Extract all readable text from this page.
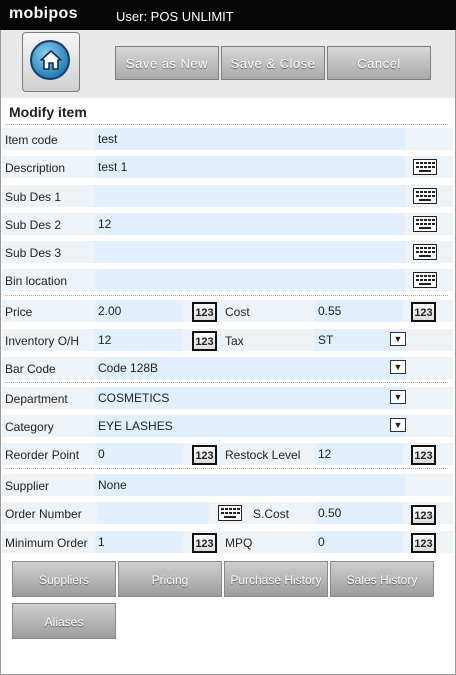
mobipos	User: POS UNLIMIT
Save as New	Save & Close	Cancel
Modify item
Item code	test
Description	test 1
Sub Des 1
Sub Des 2	12
Sub Des 3
Bin location
Price	2.00	123 Cost	0.55	123
Inventory O/H 12	123 Tax	ST	▼
Bar Code	Code 128B	▼
Department	COSMETICS	▼
Category	EYE LASHES	▼
Reorder Point 0	123 Restock Level 12	123
Supplier	None
Order Number	S.Cost 0.50	123
Minimum Order 1	123 MPQ	0	123
Suppliers	Pricing	Purchase History	Sales History
Aliases
